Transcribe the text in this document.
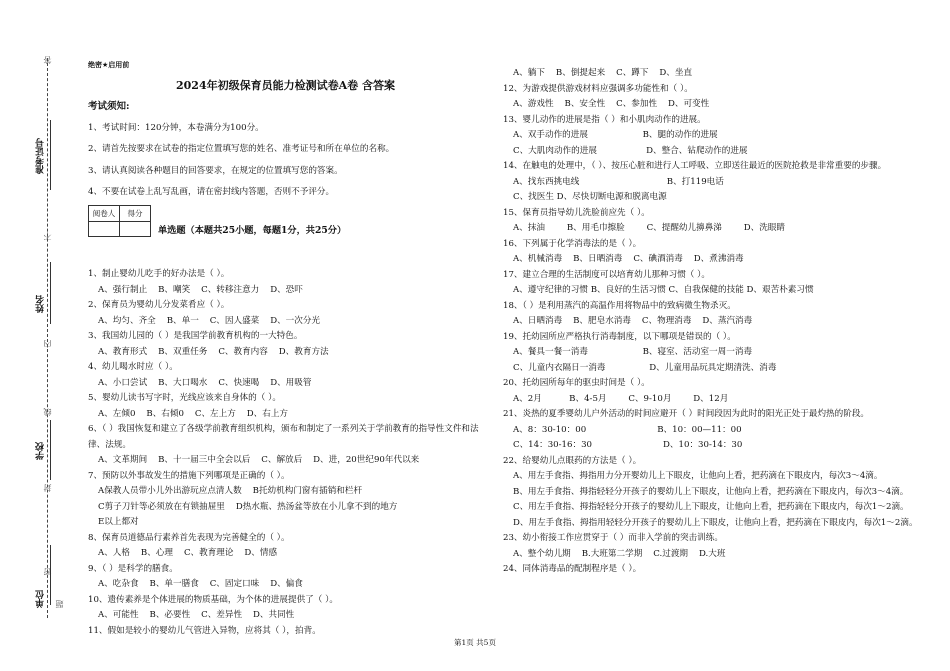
答
准考证号
不
姓名
内
线
学校
封
密
单位 题
绝密★启用前
2024年初级保育员能力检测试卷A卷 含答案
考试须知:
1、考试时间：120分钟，本卷满分为100分。
2、请首先按要求在试卷的指定位置填写您的姓名、准考证号和所在单位的名称。
3、请认真阅读各种题目的回答要求，在规定的位置填写您的答案。
4、不要在试卷上乱写乱画，请在密封线内答题，否则不予评分。
阅卷人	得分

单选题（本题共25小题，每题1分，共25分）
1、制止婴幼儿吃手的好办法是（ ）。
A、强行制止    B、嘲笑    C、转移注意力    D、恐吓
2、保育员为婴幼儿分发菜肴应（ ）。
A、均匀、齐全    B、单一    C、因人盛菜    D、一次分光
3、我国幼儿园的（ ）是我国学前教育机构的一大特色。
A、教育形式    B、双重任务    C、教育内容    D、教育方法
4、幼儿喝水时应（ ）。
A、小口尝试    B、大口喝水    C、快速喝    D、用吸管
5、婴幼儿读书写字时，光线应该来自身体的（ ）。
A、左倾0    B、右倾0    C、左上方    D、右上方
6、（ ）我国恢复和建立了各级学前教育组织机构，颁布和制定了一系列关于学前教育的指导性文件和法律、法规。
A、文革期间    B、十一届三中全会以后    C、解放后    D、进，20世纪90年代以来
7、预防以外事故发生的措施下列哪项是正确的（ ）。
A保教人员带小儿外出游玩应点清人数    B托幼机构门窗有插销和栏杆
C剪子刀针等必须放在有锁抽屉里    D热水瓶、热汤盆等放在小儿拿不到的地方
E以上都对
8、保育员道德品行素养首先表现为完善健全的（ ）。
A、人格    B、心理    C、教育理论    D、情感
9、（ ）是科学的膳食。
A、吃杂食    B、单一膳食    C、固定口味    D、偏食
10、遗传素养是个体进展的物质基础，为个体的进展提供了（ ）。
A、可能性    B、必要性    C、差异性    D、共同性
11、假如是较小的婴幼儿气管进入异物，应将其（ ），拍背。
A、躺下    B、倒提起来    C、蹲下    D、坐直
12、为游戏提供游戏材料应强调多功能性和（ ）。
A、游戏性    B、安全性    C、参加性    D、可变性
13、婴儿动作的进展是指（ ）和小肌肉动作的进展。
A、双手动作的进展                    B、腿的动作的进展
C、大肌肉动作的进展                  D、整合、钻爬动作的进展
14、在触电的处理中，（ ）、按压心脏和进行人工呼吸、立即送往最近的医院抢救是非常重要的步骤。
A、找东西挑电线                                B、打119电话
C、找医生 D、尽快切断电源和脱离电源
15、保育员指导幼儿洗脸前应先（ ）。
A、抹油        B、用毛巾擦脸        C、提醒幼儿擤鼻涕        D、洗眼睛
16、下列属于化学消毒法的是（ ）。
A、机械消毒    B、日晒消毒    C、碘酒消毒    D、煮沸消毒
17、建立合理的生活制度可以培育幼儿那种习惯（ ）。
A、遵守纪律的习惯 B、良好的生活习惯 C、自我保健的技能 D、艰苦朴素习惯
18、（ ）是利用蒸汽的高温作用将物品中的致病微生物杀灭。
A、日晒消毒    B、肥皂水消毒    C、物理消毒    D、蒸汽消毒
19、托幼园所应严格执行消毒制度，以下哪项是错误的（ ）。
A、餐具一餐一消毒                    B、寝室、活动室一周一消毒
C、儿童内衣隔日一消毒                D、儿童用品玩具定期清洗、消毒
20、托幼园所每年的驱虫时间是（ ）。
A、2月          B、4-5月        C、9-10月        D、12月
21、炎热的夏季婴幼儿户外活动的时间应避开（ ）时间段因为此时的阳光正处于最灼热的阶段。
A、8：30-10：00                          B、10：00—11：00
C、14：30-16：30                          D、10：30-14：30
22、给婴幼儿点眼药的方法是（ ）。
A、用左手食指、拇指用力分开婴幼儿上下眼皮，让他向上看，把药滴在下眼皮内，每次3～4滴。
B、用左手食指、拇指轻轻分开孩子的婴幼儿上下眼皮，让他向上看，把药滴在下眼皮内，每次3～4滴。
C、用左手食指、拇指轻轻分开孩子的婴幼儿上下眼皮，让他向上看，把药滴在下眼皮内，每次1～2滴。
D、用左手食指、拇指用轻轻分开孩子的婴幼儿上下眼皮，让他向上看，把药滴在下眼皮内，每次1～2滴。
23、幼小衔接工作应贯穿于（ ）而非入学前的突击训练。
A、整个幼儿期    B.大班第二学期    C.过渡期    D.大班
24、同体消毒品的配制程序是（ ）。
第1页 共5页
